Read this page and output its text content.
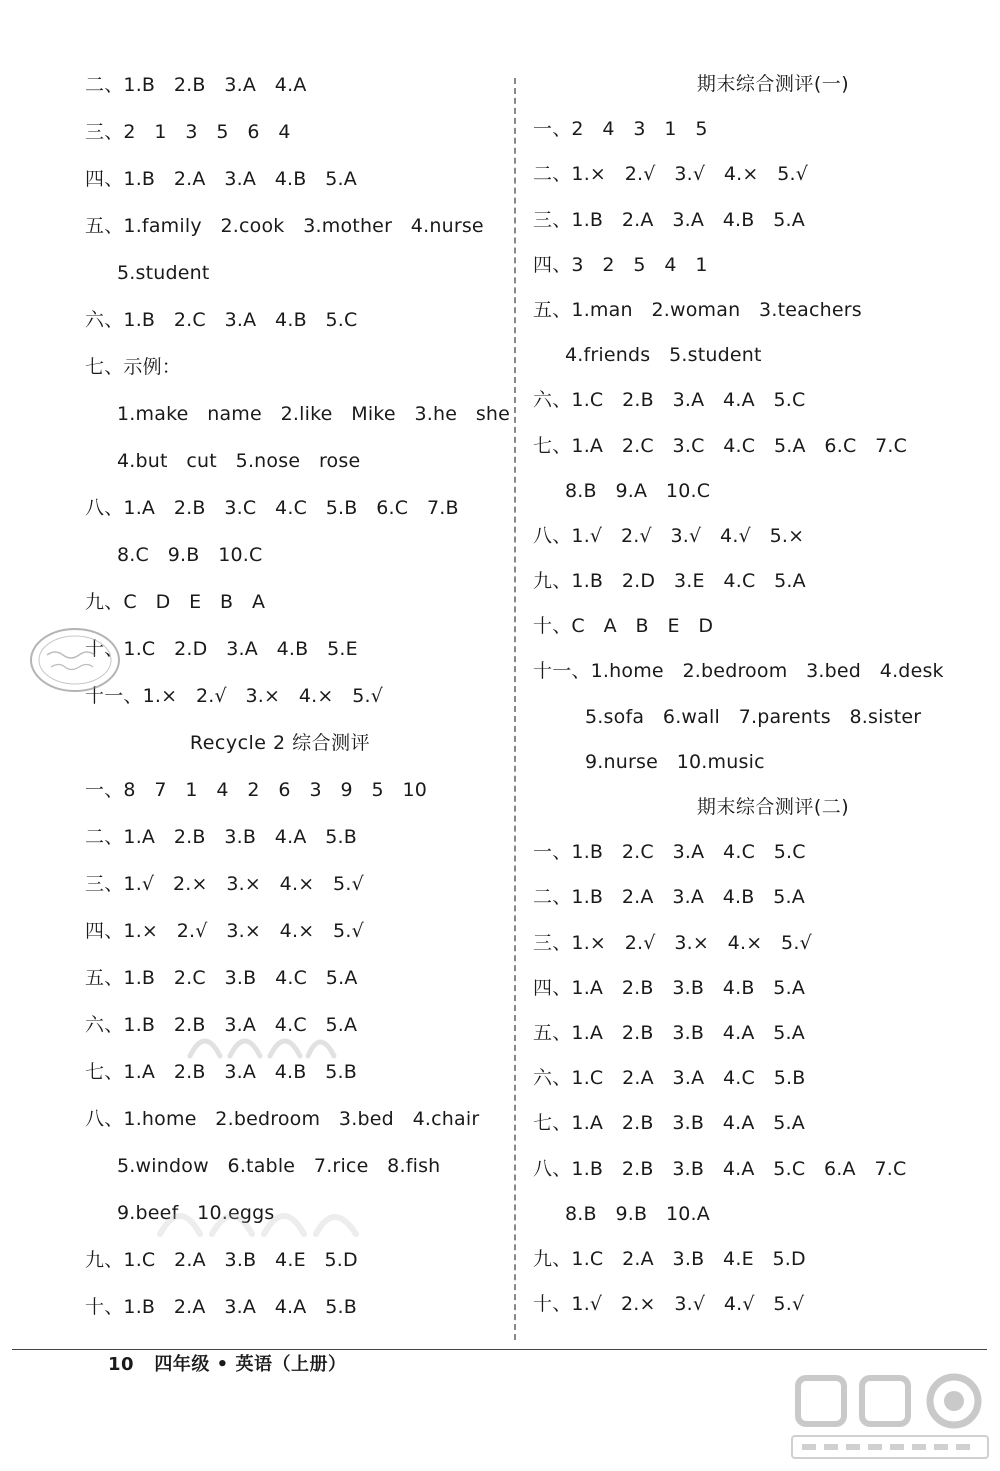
二、1.B   2.B   3.A   4.A
三、2   1   3   5   6   4
四、1.B   2.A   3.A   4.B   5.A
五、1.family   2.cook   3.mother   4.nurse
5.student
六、1.B   2.C   3.A   4.B   5.C
七、示例：
1.make   name   2.like   Mike   3.he   she
4.but   cut   5.nose   rose
八、1.A   2.B   3.C   4.C   5.B   6.C   7.B
8.C   9.B   10.C
九、C   D   E   B   A
十、1.C   2.D   3.A   4.B   5.E
十一、1.×   2.√   3.×   4.×   5.√
Recycle 2 综合测评
一、8   7   1   4   2   6   3   9   5   10
二、1.A   2.B   3.B   4.A   5.B
三、1.√   2.×   3.×   4.×   5.√
四、1.×   2.√   3.×   4.×   5.√
五、1.B   2.C   3.B   4.C   5.A
六、1.B   2.B   3.A   4.C   5.A
七、1.A   2.B   3.A   4.B   5.B
八、1.home   2.bedroom   3.bed   4.chair
5.window   6.table   7.rice   8.fish
9.beef   10.eggs
九、1.C   2.A   3.B   4.E   5.D
十、1.B   2.A   3.A   4.A   5.B
期末综合测评(一)
一、2   4   3   1   5
二、1.×   2.√   3.√   4.×   5.√
三、1.B   2.A   3.A   4.B   5.A
四、3   2   5   4   1
五、1.man   2.woman   3.teachers
4.friends   5.student
六、1.C   2.B   3.A   4.A   5.C
七、1.A   2.C   3.C   4.C   5.A   6.C   7.C
8.B   9.A   10.C
八、1.√   2.√   3.√   4.√   5.×
九、1.B   2.D   3.E   4.C   5.A
十、C   A   B   E   D
十一、1.home   2.bedroom   3.bed   4.desk
5.sofa   6.wall   7.parents   8.sister
9.nurse   10.music
期末综合测评(二)
一、1.B   2.C   3.A   4.C   5.C
二、1.B   2.A   3.A   4.B   5.A
三、1.×   2.√   3.×   4.×   5.√
四、1.A   2.B   3.B   4.B   5.A
五、1.A   2.B   3.B   4.A   5.A
六、1.C   2.A   3.A   4.C   5.B
七、1.A   2.B   3.B   4.A   5.A
八、1.B   2.B   3.B   4.A   5.C   6.A   7.C
8.B   9.B   10.A
九、1.C   2.A   3.B   4.E   5.D
十、1.√   2.×   3.√   4.√   5.√
10 四年级 • 英语（上册）
